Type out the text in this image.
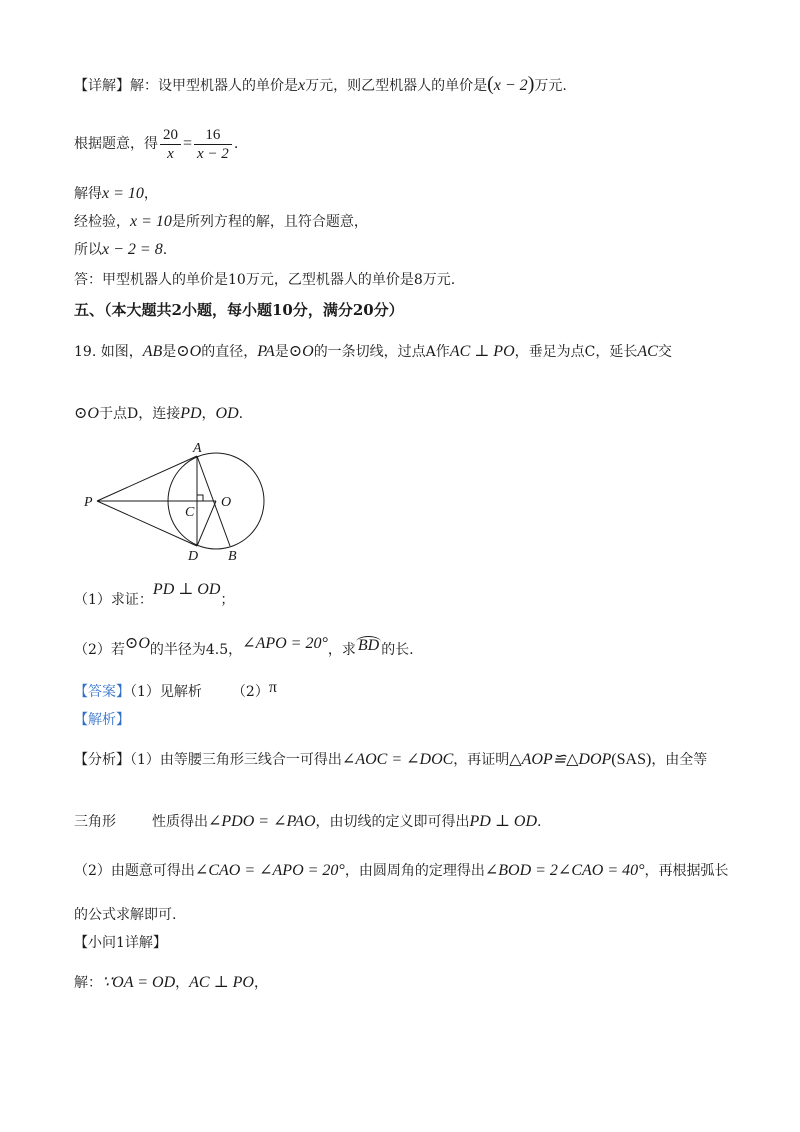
【详解】解：设甲型机器人的单价是x万元，则乙型机器人的单价是(x − 2)万元.
根据题意，得 $\frac{20}{x} = \frac{16}{x - 2}$ .
解得x = 10，
经检验，x = 10是所列方程的解，且符合题意，
所以x − 2 = 8.
答：甲型机器人的单价是10万元，乙型机器人的单价是8万元.
五、（本大题共2小题，每小题10分，满分20分）
19. 如图，AB是⊙O的直径，PA是⊙O的一条切线，过点A作AC ⊥ PO，垂足为点C，延长AC交
⊙O于点D，连接PD，OD.
A
P
C
O
D B
（1）求证：PD ⊥ OD；
（2）若⊙O的半径为4.5，∠APO = 20°，求 BD 的长.
【答案】（1）见解析 （2）π
【解析】
【分析】（1）由等腰三角形三线合一可得出∠AOC = ∠DOC，再证明△AOP≌△DOP(SAS)，由全等
三角形	性质得出∠PDO = ∠PAO，由切线的定义即可得出PD ⊥ OD.
（2）由题意可得出∠CAO = ∠APO = 20°，由圆周角的定理得出∠BOD = 2∠CAO = 40°，再根据弧长
的公式求解即可.
【小问1详解】
解：∵OA = OD，AC ⊥ PO，
